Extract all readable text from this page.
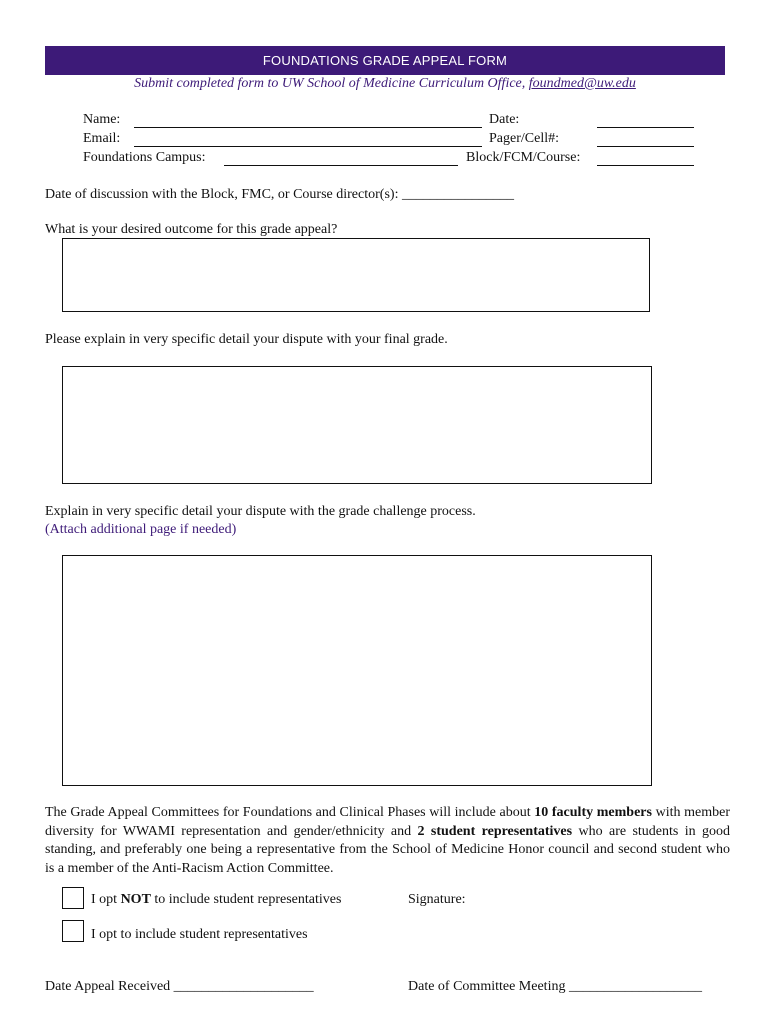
FOUNDATIONS GRADE APPEAL FORM
Submit completed form to UW School of Medicine Curriculum Office, foundmed@uw.edu
Name:
Email:
Foundations Campus:
Date:
Pager/Cell#:
Block/FCM/Course:
Date of discussion with the Block, FMC, or Course director(s): ________________
What is your desired outcome for this grade appeal?
Please explain in very specific detail your dispute with your final grade.
Explain in very specific detail your dispute with the grade challenge process.
(Attach additional page if needed)
The Grade Appeal Committees for Foundations and Clinical Phases will include about 10 faculty members with member diversity for WWAMI representation and gender/ethnicity and 2 student representatives who are students in good standing, and preferably one being a representative from the School of Medicine Honor council and second student who is a member of the Anti-Racism Action Committee.
I opt NOT to include student representatives	Signature:
I opt to include student representatives
Date Appeal Received ____________________	Date of Committee Meeting ___________________
